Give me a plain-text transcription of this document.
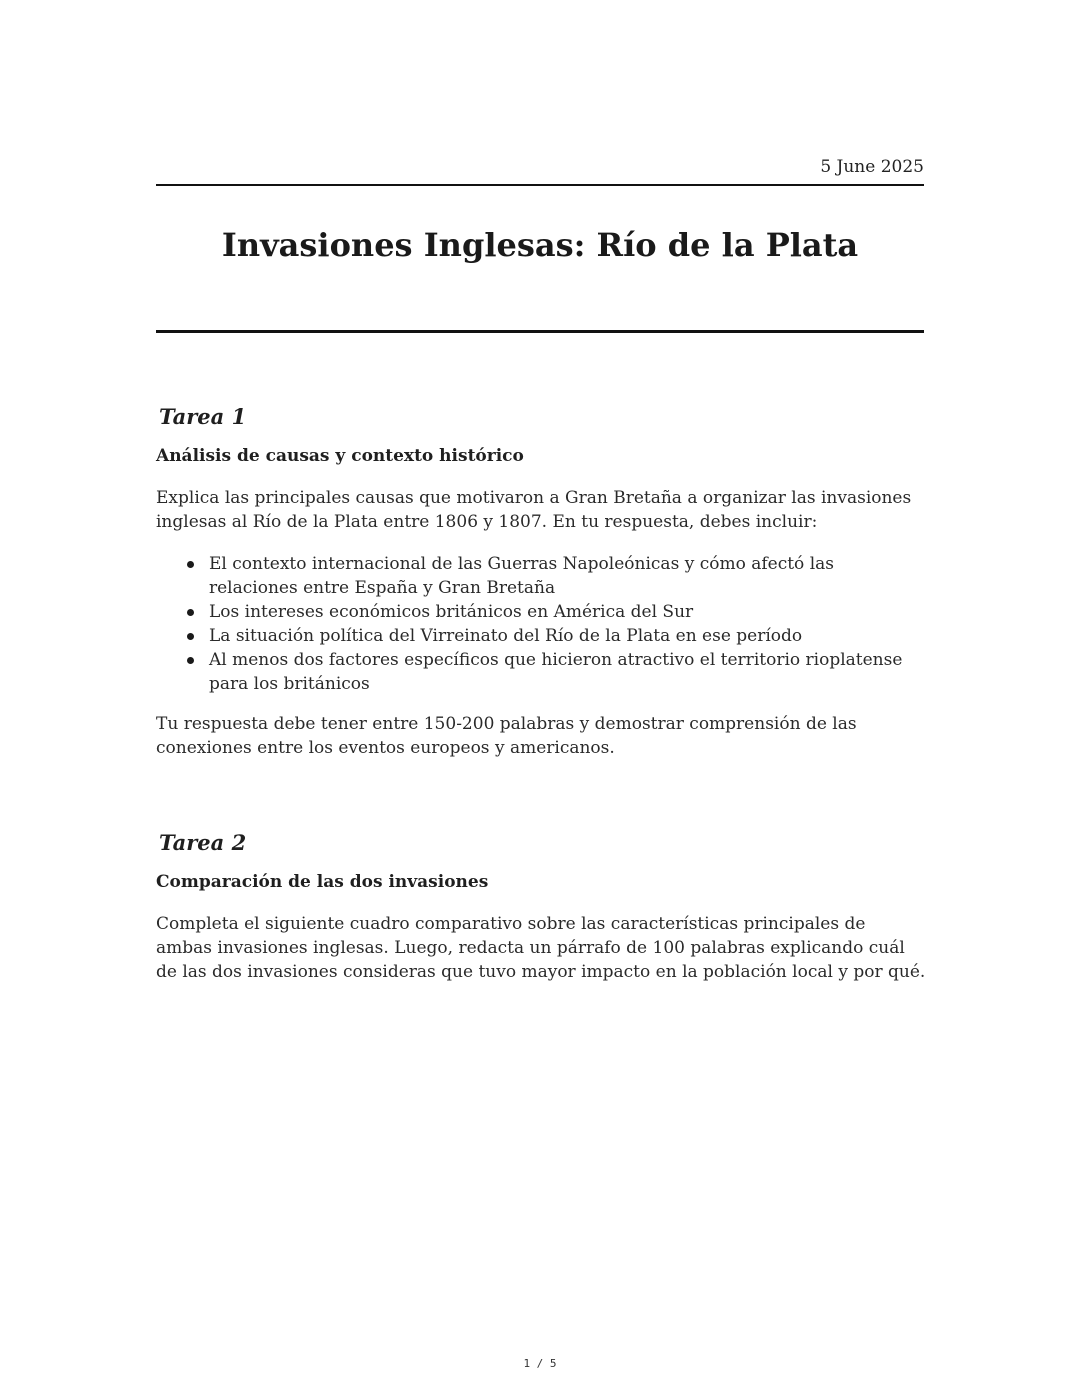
5 June 2025
Invasiones Inglesas: Río de la Plata
Tarea 1
Análisis de causas y contexto histórico

Explica las principales causas que motivaron a Gran Bretaña a organizar las invasiones inglesas al Río de la Plata entre 1806 y 1807. En tu respuesta, debes incluir:

El contexto internacional de las Guerras Napoleónicas y cómo afectó las relaciones entre España y Gran Bretaña
Los intereses económicos británicos en América del Sur
La situación política del Virreinato del Río de la Plata en ese período
Al menos dos factores específicos que hicieron atractivo el territorio rioplatense para los británicos

Tu respuesta debe tener entre 150-200 palabras y demostrar comprensión de las conexiones entre los eventos europeos y americanos.

Tarea 2
Comparación de las dos invasiones

Completa el siguiente cuadro comparativo sobre las características principales de ambas invasiones inglesas. Luego, redacta un párrafo de 100 palabras explicando cuál de las dos invasiones consideras que tuvo mayor impacto en la población local y por qué.

1 / 5
